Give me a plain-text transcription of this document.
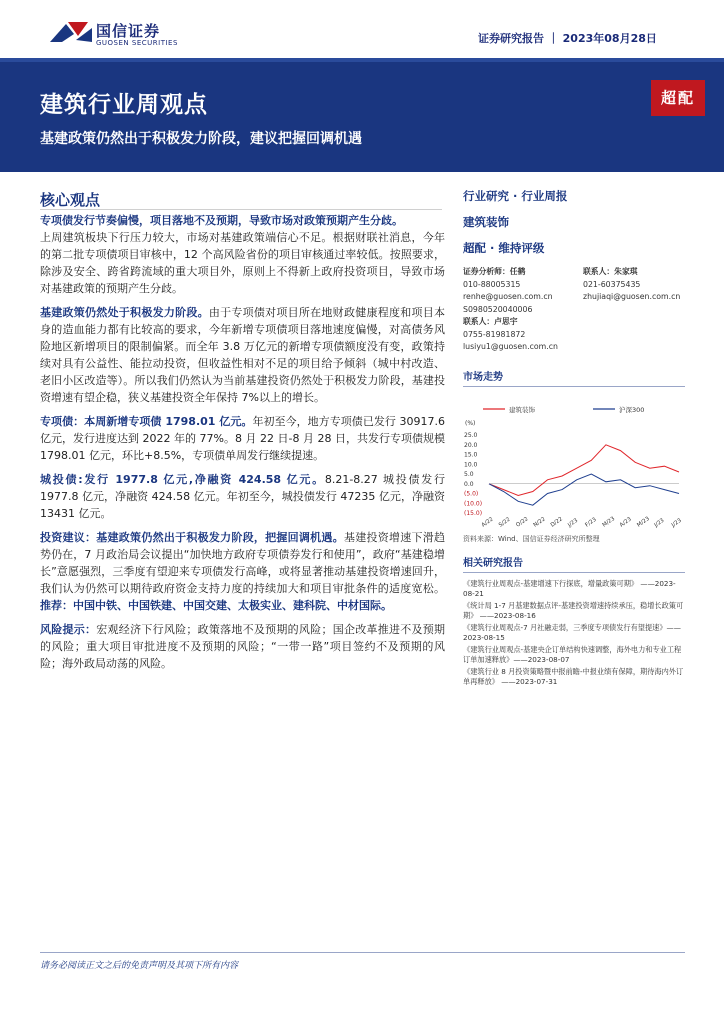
国信证券
GUOSEN SECURITIES	证券研究报告 ｜ 2023年08月28日
建筑行业周观点
基建政策仍然出于积极发力阶段，建议把握回调机遇
超配
核心观点

专项债发行节奏偏慢，项目落地不及预期，导致市场对政策预期产生分歧。
上周建筑板块下行压力较大，市场对基建政策端信心不足。根据财联社消息，今年的第二批专项债项目审核中，12 个高风险省份的项目审核通过率较低。按照要求，除涉及安全、跨省跨流域的重大项目外，原则上不得新上政府投资项目，导致市场对基建政策的预期产生分歧。

基建政策仍然处于积极发力阶段。由于专项债对项目所在地财政健康程度和项目本身的造血能力都有比较高的要求，今年新增专项债项目落地速度偏慢，对高债务风险地区新增项目的限制偏紧。而全年 3.8 万亿元的新增专项债额度没有变，政策持续对具有公益性、能拉动投资，但收益性相对不足的项目给予倾斜（城中村改造、老旧小区改造等）。所以我们仍然认为当前基建投资仍然处于积极发力阶段，基建投资增速有望企稳，狭义基建投资全年保持 7%以上的增长。

专项债：本周新增专项债 1798.01 亿元。年初至今，地方专项债已发行 30917.6 亿元，发行进度达到 2022 年的 77%。8 月 22 日-8 月 28 日，共发行专项债规模 1798.01 亿元，环比+8.5%，专项债单周发行继续提速。

城投债:发行 1977.8 亿元,净融资 424.58 亿元。8.21-8.27 城投债发行 1977.8 亿元，净融资 424.58 亿元。年初至今，城投债发行 47235 亿元，净融资 13431 亿元。

投资建议：基建政策仍然出于积极发力阶段，把握回调机遇。基建投资增速下滑趋势仍在，7 月政治局会议提出“加快地方政府专项债券发行和使用”，政府“基建稳增长”意愿强烈，三季度有望迎来专项债发行高峰，或将显著推动基建投资增速回升，我们认为仍然可以期待政府资金支持力度的持续加大和项目审批条件的适度宽松。推荐：中国中铁、中国铁建、中国交建、太极实业、建科院、中材国际。

风险提示：宏观经济下行风险；政策落地不及预期的风险；国企改革推进不及预期的风险；重大项目审批进度不及预期的风险；“一带一路”项目签约不及预期的风险；海外政局动荡的风险。

行业研究 · 行业周报
建筑装饰
超配 · 维持评级
证券分析师：任鹤
010-88005315
renhe@guosen.com.cn
S0980520040006
联系人：卢思宇
0755-81981872
lusiyu1@guosen.com.cn
联系人：朱家琪
021-60375435
zhujiaqi@guosen.com.cn
市场走势
建筑装饰	沪深300
(%)
25.0
20.0
15.0
10.0
5.0
0.0
(5.0)
(10.0)
(15.0)
A/22 S/22 O/22 N/22 D/22 J/23 F/23 M/23 A/23 M/23 J/23 J/23
资料来源：Wind、国信证券经济研究所整理
相关研究报告
《建筑行业周观点-基建增速下行探底，增量政策可期》 ——2023-08-21
《统计局 1-7 月基建数据点评-基建投资增速持续承压，稳增长政策可期》 ——2023-08-16
《建筑行业周观点-7 月社融走弱，三季度专项债发行有望提速》——2023-08-15
《建筑行业周观点-基建央企订单结构快速调整，海外电力和专业工程订单加速释放》——2023-08-07
《建筑行业 8 月投资策略暨中报前瞻-中报业绩有保障，期待海内外订单再释放》 ——2023-07-31
请务必阅读正文之后的免责声明及其项下所有内容
